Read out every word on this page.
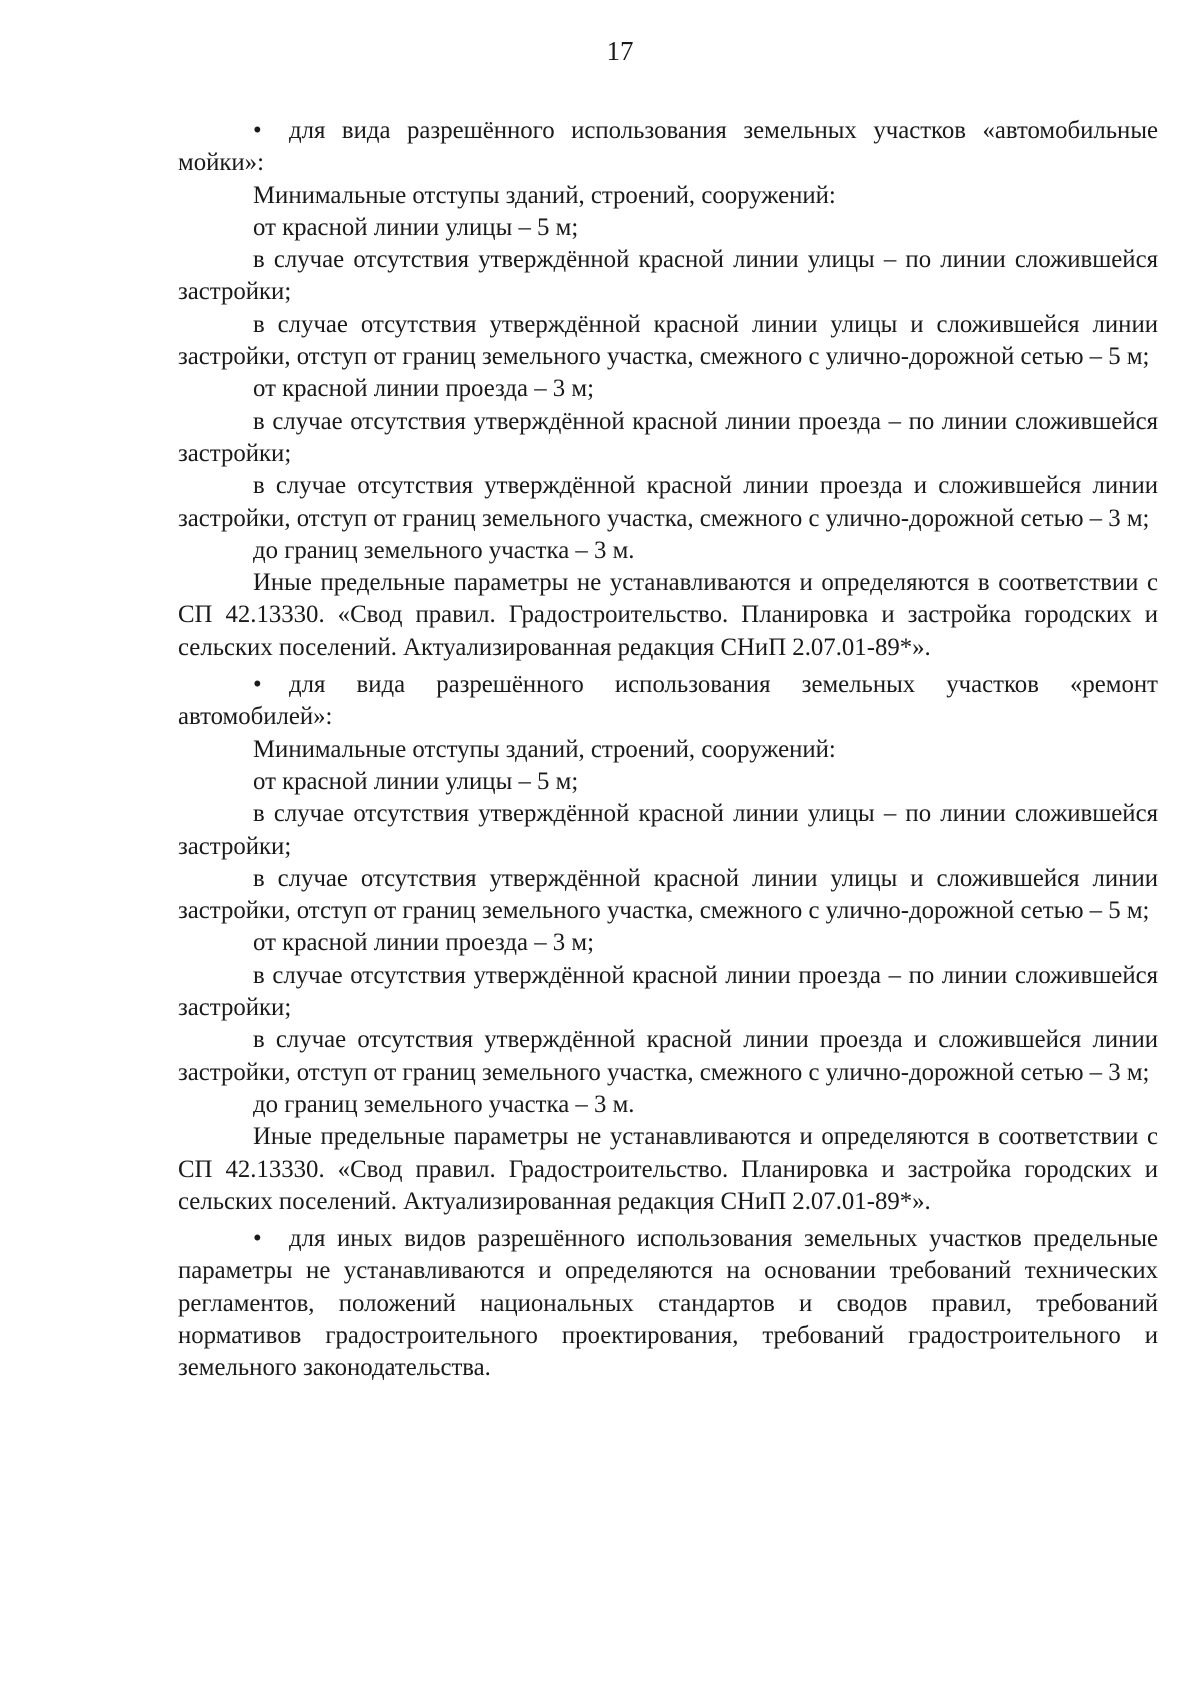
17

• для вида разрешённого использования земельных участков «автомобильные мойки»:

Минимальные отступы зданий, строений, сооружений:

от красной линии улицы – 5 м;

в случае отсутствия утверждённой красной линии улицы – по линии сложившейся застройки;

в случае отсутствия утверждённой красной линии улицы и сложившейся линии застройки, отступ от границ земельного участка, смежного с улично-дорожной сетью – 5 м;

от красной линии проезда – 3 м;

в случае отсутствия утверждённой красной линии проезда – по линии сложившейся застройки;

в случае отсутствия утверждённой красной линии проезда и сложившейся линии застройки, отступ от границ земельного участка, смежного с улично-дорожной сетью – 3 м;

до границ земельного участка – 3 м.

Иные предельные параметры не устанавливаются и определяются в соответствии с СП 42.13330. «Свод правил. Градостроительство. Планировка и застройка городских и сельских поселений. Актуализированная редакция СНиП 2.07.01-89*».

• для вида разрешённого использования земельных участков «ремонт автомобилей»:

Минимальные отступы зданий, строений, сооружений:

от красной линии улицы – 5 м;

в случае отсутствия утверждённой красной линии улицы – по линии сложившейся застройки;

в случае отсутствия утверждённой красной линии улицы и сложившейся линии застройки, отступ от границ земельного участка, смежного с улично-дорожной сетью – 5 м;

от красной линии проезда – 3 м;

в случае отсутствия утверждённой красной линии проезда – по линии сложившейся застройки;

в случае отсутствия утверждённой красной линии проезда и сложившейся линии застройки, отступ от границ земельного участка, смежного с улично-дорожной сетью – 3 м;

до границ земельного участка – 3 м.

Иные предельные параметры не устанавливаются и определяются в соответствии с СП 42.13330. «Свод правил. Градостроительство. Планировка и застройка городских и сельских поселений. Актуализированная редакция СНиП 2.07.01-89*».

• для иных видов разрешённого использования земельных участков предельные параметры не устанавливаются и определяются на основании требований технических регламентов, положений национальных стандартов и сводов правил, требований нормативов градостроительного проектирования, требований градостроительного и земельного законодательства.
